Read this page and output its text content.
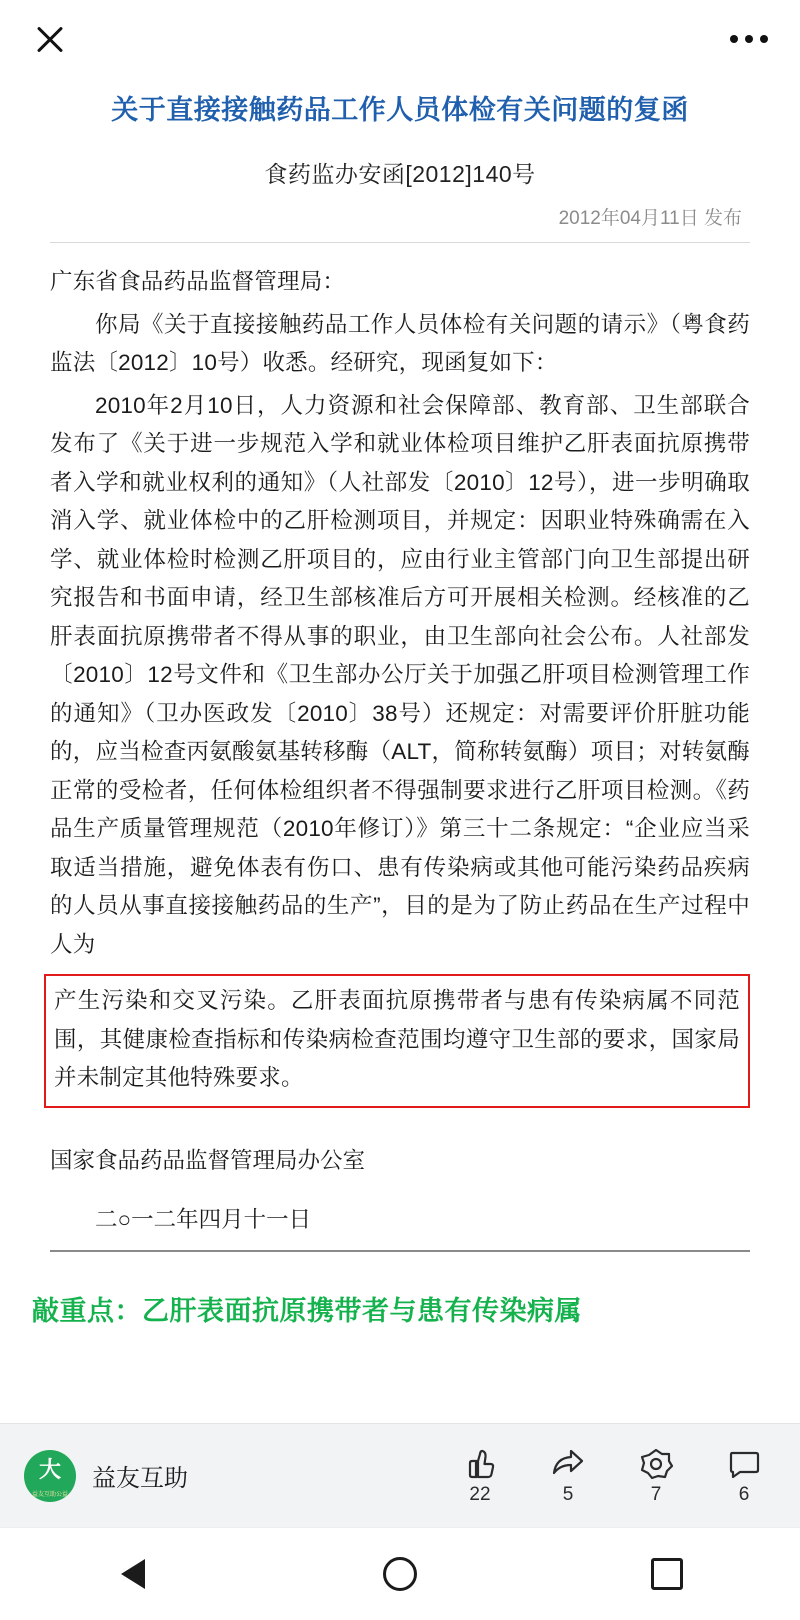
关于直接接触药品工作人员体检有关问题的复函
食药监办安函[2012]140号
2012年04月11日 发布

广东省食品药品监督管理局：

你局《关于直接接触药品工作人员体检有关问题的请示》（粤食药监法〔2012〕10号）收悉。经研究，现函复如下：

2010年2月10日，人力资源和社会保障部、教育部、卫生部联合发布了《关于进一步规范入学和就业体检项目维护乙肝表面抗原携带者入学和就业权利的通知》（人社部发〔2010〕12号），进一步明确取消入学、就业体检中的乙肝检测项目，并规定：因职业特殊确需在入学、就业体检时检测乙肝项目的，应由行业主管部门向卫生部提出研究报告和书面申请，经卫生部核准后方可开展相关检测。经核准的乙肝表面抗原携带者不得从事的职业，由卫生部向社会公布。人社部发〔2010〕12号文件和《卫生部办公厅关于加强乙肝项目检测管理工作的通知》（卫办医政发〔2010〕38号）还规定：对需要评价肝脏功能的，应当检查丙氨酸氨基转移酶（ALT，简称转氨酶）项目；对转氨酶正常的受检者，任何体检组织者不得强制要求进行乙肝项目检测。《药品生产质量管理规范（2010年修订）》第三十二条规定：“企业应当采取适当措施，避免体表有伤口、患有传染病或其他可能污染药品疾病的人员从事直接接触药品的生产”，目的是为了防止药品在生产过程中人为

产生污染和交叉污染。乙肝表面抗原携带者与患有传染病属不同范围，其健康检查指标和传染病检查范围均遵守卫生部的要求，国家局并未制定其他特殊要求。

国家食品药品监督管理局办公室
二○一二年四月十一日
敲重点：乙肝表面抗原携带者与患有传染病属
大
益友互助公益
益友互助
22	5	7	6
